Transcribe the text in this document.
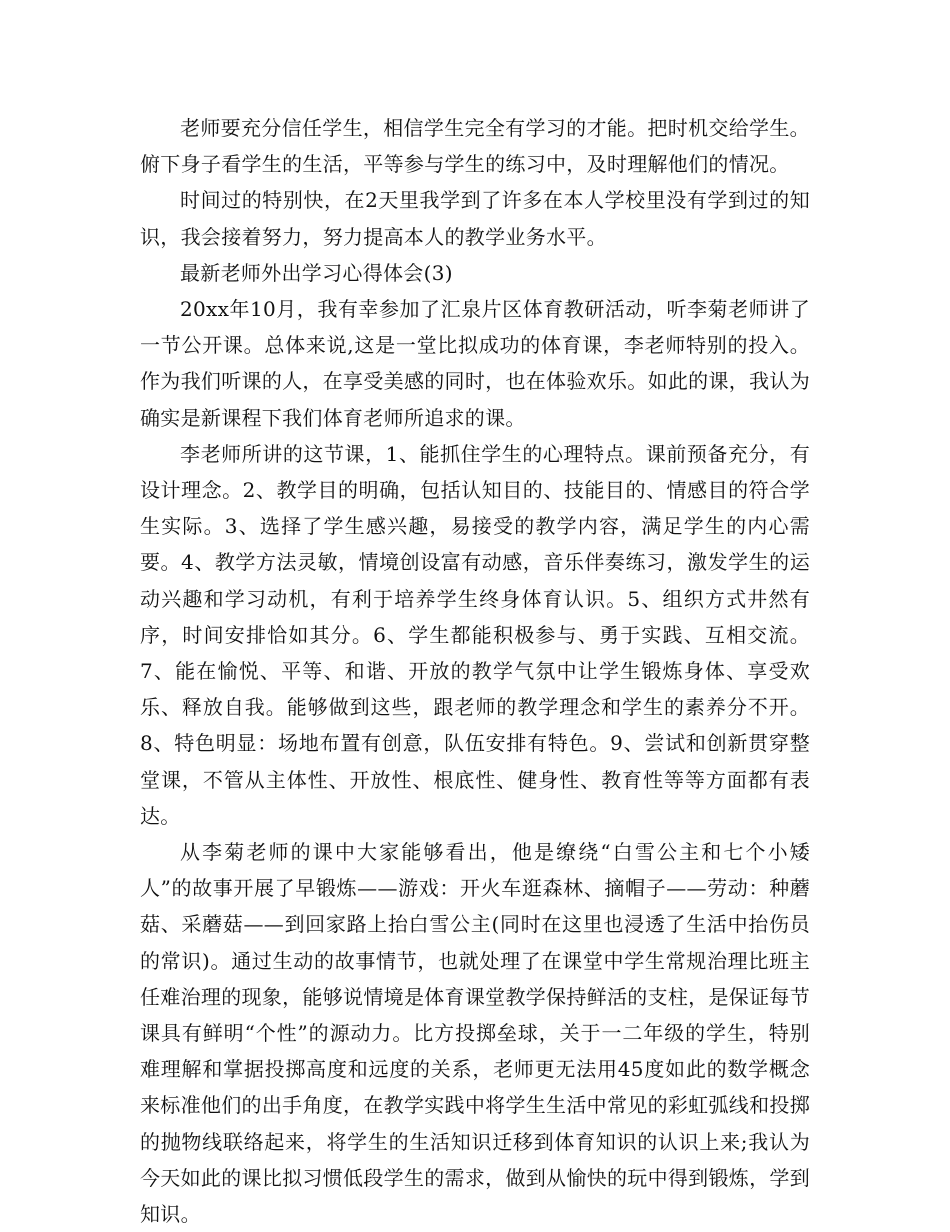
老师要充分信任学生，相信学生完全有学习的才能。把时机交给学生。俯下身子看学生的生活，平等参与学生的练习中，及时理解他们的情况。

时间过的特别快，在2天里我学到了许多在本人学校里没有学到过的知识，我会接着努力，努力提高本人的教学业务水平。

最新老师外出学习心得体会(3)

20xx年10月，我有幸参加了汇泉片区体育教研活动，听李菊老师讲了一节公开课。总体来说,这是一堂比拟成功的体育课，李老师特别的投入。作为我们听课的人，在享受美感的同时，也在体验欢乐。如此的课，我认为确实是新课程下我们体育老师所追求的课。

李老师所讲的这节课，1、能抓住学生的心理特点。课前预备充分，有设计理念。2、教学目的明确，包括认知目的、技能目的、情感目的符合学生实际。3、选择了学生感兴趣，易接受的教学内容，满足学生的内心需要。4、教学方法灵敏，情境创设富有动感，音乐伴奏练习，激发学生的运动兴趣和学习动机，有利于培养学生终身体育认识。5、组织方式井然有序，时间安排恰如其分。6、学生都能积极参与、勇于实践、互相交流。7、能在愉悦、平等、和谐、开放的教学气氛中让学生锻炼身体、享受欢乐、释放自我。能够做到这些，跟老师的教学理念和学生的素养分不开。8、特色明显：场地布置有创意，队伍安排有特色。9、尝试和创新贯穿整堂课，不管从主体性、开放性、根底性、健身性、教育性等等方面都有表达。

从李菊老师的课中大家能够看出，他是缭绕“白雪公主和七个小矮人”的故事开展了早锻炼——游戏：开火车逛森林、摘帽子——劳动：种蘑菇、采蘑菇——到回家路上抬白雪公主(同时在这里也浸透了生活中抬伤员的常识)。通过生动的故事情节，也就处理了在课堂中学生常规治理比班主任难治理的现象，能够说情境是体育课堂教学保持鲜活的支柱，是保证每节课具有鲜明“个性”的源动力。比方投掷垒球，关于一二年级的学生，特别难理解和掌据投掷高度和远度的关系，老师更无法用45度如此的数学概念来标准他们的出手角度，在教学实践中将学生生活中常见的彩虹弧线和投掷的抛物线联络起来，将学生的生活知识迁移到体育知识的认识上来;我认为今天如此的课比拟习惯低段学生的需求，做到从愉快的玩中得到锻炼，学到知识。
